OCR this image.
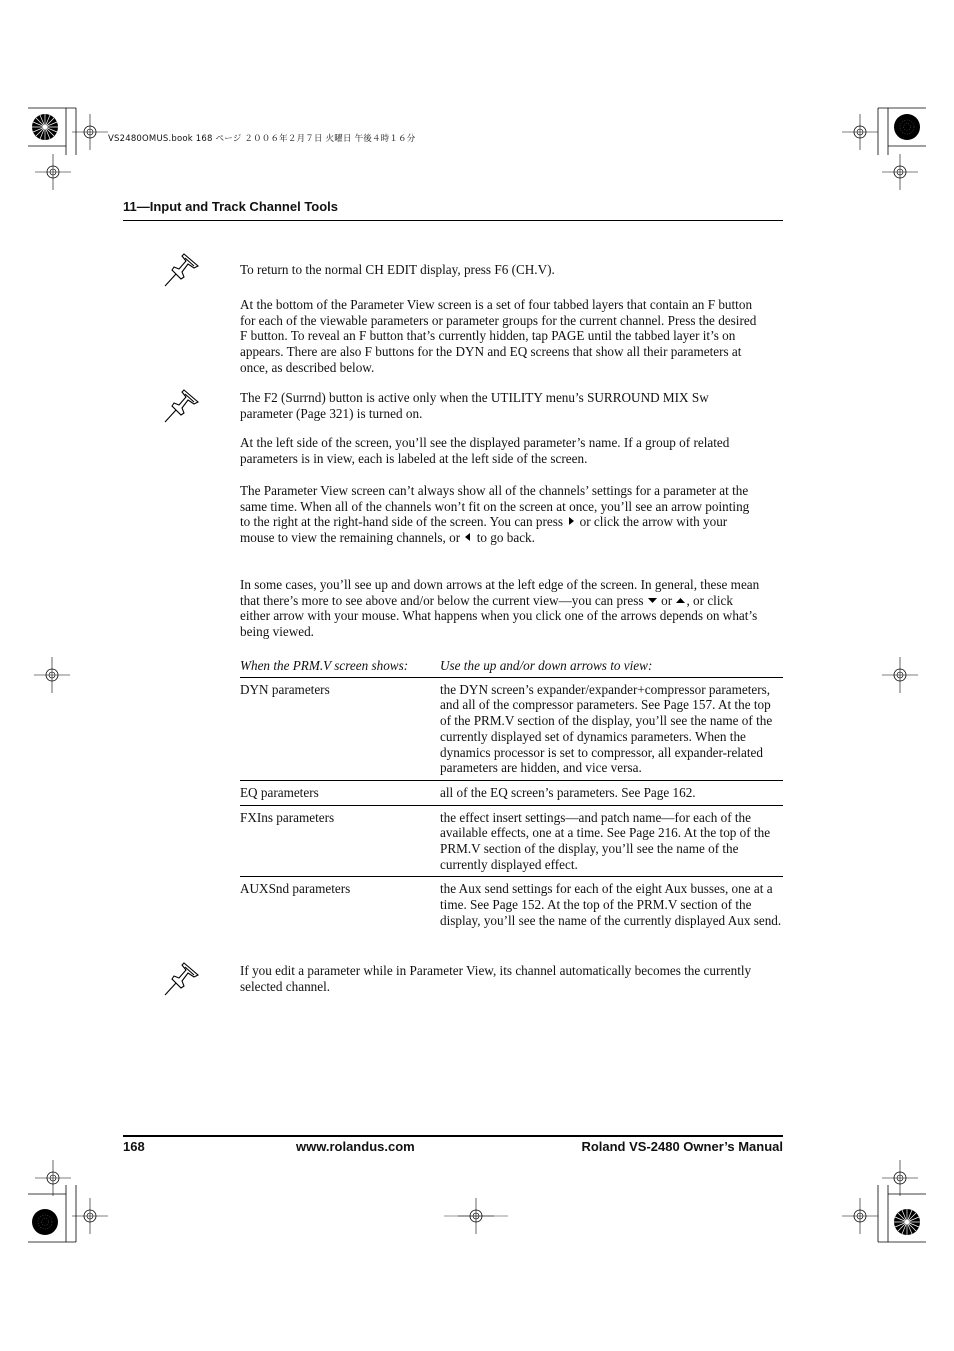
VS2480OMUS.book 168 ページ ２００６年２月７日 火曜日 午後４時１６分
11—Input and Track Channel Tools
To return to the normal CH EDIT display, press F6 (CH.V).
At the bottom of the Parameter View screen is a set of four tabbed layers that contain an F button for each of the viewable parameters or parameter groups for the current channel. Press the desired F button. To reveal an F button that’s currently hidden, tap PAGE until the tabbed layer it’s on appears. There are also F buttons for the DYN and EQ screens that show all their parameters at once, as described below.
The F2 (Surrnd) button is active only when the UTILITY menu’s SURROUND MIX Sw parameter (Page 321) is turned on.
At the left side of the screen, you’ll see the displayed parameter’s name. If a group of related parameters is in view, each is labeled at the left side of the screen.
The Parameter View screen can’t always show all of the channels’ settings for a parameter at the same time. When all of the channels won’t fit on the screen at once, you’ll see an arrow pointing to the right at the right-hand side of the screen. You can press  or click the arrow with your mouse to view the remaining channels, or  to go back.
In some cases, you’ll see up and down arrows at the left edge of the screen. In general, these mean that there’s more to see above and/or below the current view—you can press  or , or click either arrow with your mouse. What happens when you click one of the arrows depends on what’s being viewed.
When the PRM.V screen shows:	Use the up and/or down arrows to view:
DYN parameters	the DYN screen’s expander/expander+compressor parameters, and all of the compressor parameters. See Page 157. At the top of the PRM.V section of the display, you’ll see the name of the currently displayed set of dynamics parameters. When the dynamics processor is set to compressor, all expander-related parameters are hidden, and vice versa.
EQ parameters	all of the EQ screen’s parameters. See Page 162.
FXIns parameters	the effect insert settings—and patch name—for each of the available effects, one at a time. See Page 216. At the top of the PRM.V section of the display, you’ll see the name of the currently displayed effect.
AUXSnd parameters	the Aux send settings for each of the eight Aux busses, one at a time. See Page 152. At the top of the PRM.V section of the display, you’ll see the name of the currently displayed Aux send.
If you edit a parameter while in Parameter View, its channel automatically becomes the currently selected channel.
168	www.rolandus.com	Roland VS-2480 Owner’s Manual
